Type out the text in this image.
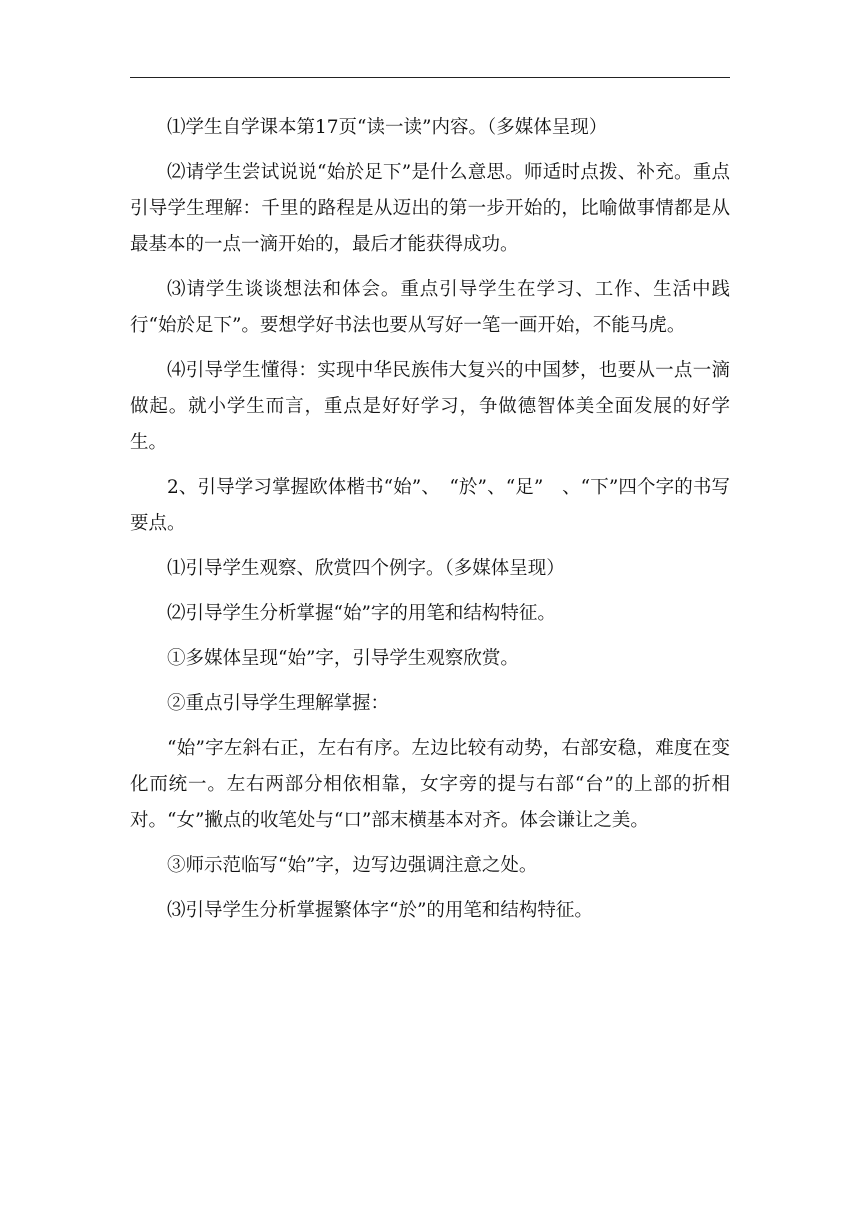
⑴学生自学课本第17页“读一读”内容。（多媒体呈现）

⑵请学生尝试说说“始於足下”是什么意思。师适时点拨、补充。重点引导学生理解：千里的路程是从迈出的第一步开始的，比喻做事情都是从最基本的一点一滴开始的，最后才能获得成功。

⑶请学生谈谈想法和体会。重点引导学生在学习、工作、生活中践行“始於足下”。要想学好书法也要从写好一笔一画开始，不能马虎。

⑷引导学生懂得：实现中华民族伟大复兴的中国梦，也要从一点一滴做起。就小学生而言，重点是好好学习，争做德智体美全面发展的好学生。

2、引导学习掌握欧体楷书“始”、　“於”、“足”　、“下”四个字的书写要点。

⑴引导学生观察、欣赏四个例字。（多媒体呈现）

⑵引导学生分析掌握“始”字的用笔和结构特征。

①多媒体呈现“始”字，引导学生观察欣赏。

②重点引导学生理解掌握：

“始”字左斜右正，左右有序。左边比较有动势，右部安稳，难度在变化而统一。左右两部分相依相靠，女字旁的提与右部“台”的上部的折相对。“女”撇点的收笔处与“口”部末横基本对齐。体会谦让之美。

③师示范临写“始”字，边写边强调注意之处。

⑶引导学生分析掌握繁体字“於”的用笔和结构特征。
